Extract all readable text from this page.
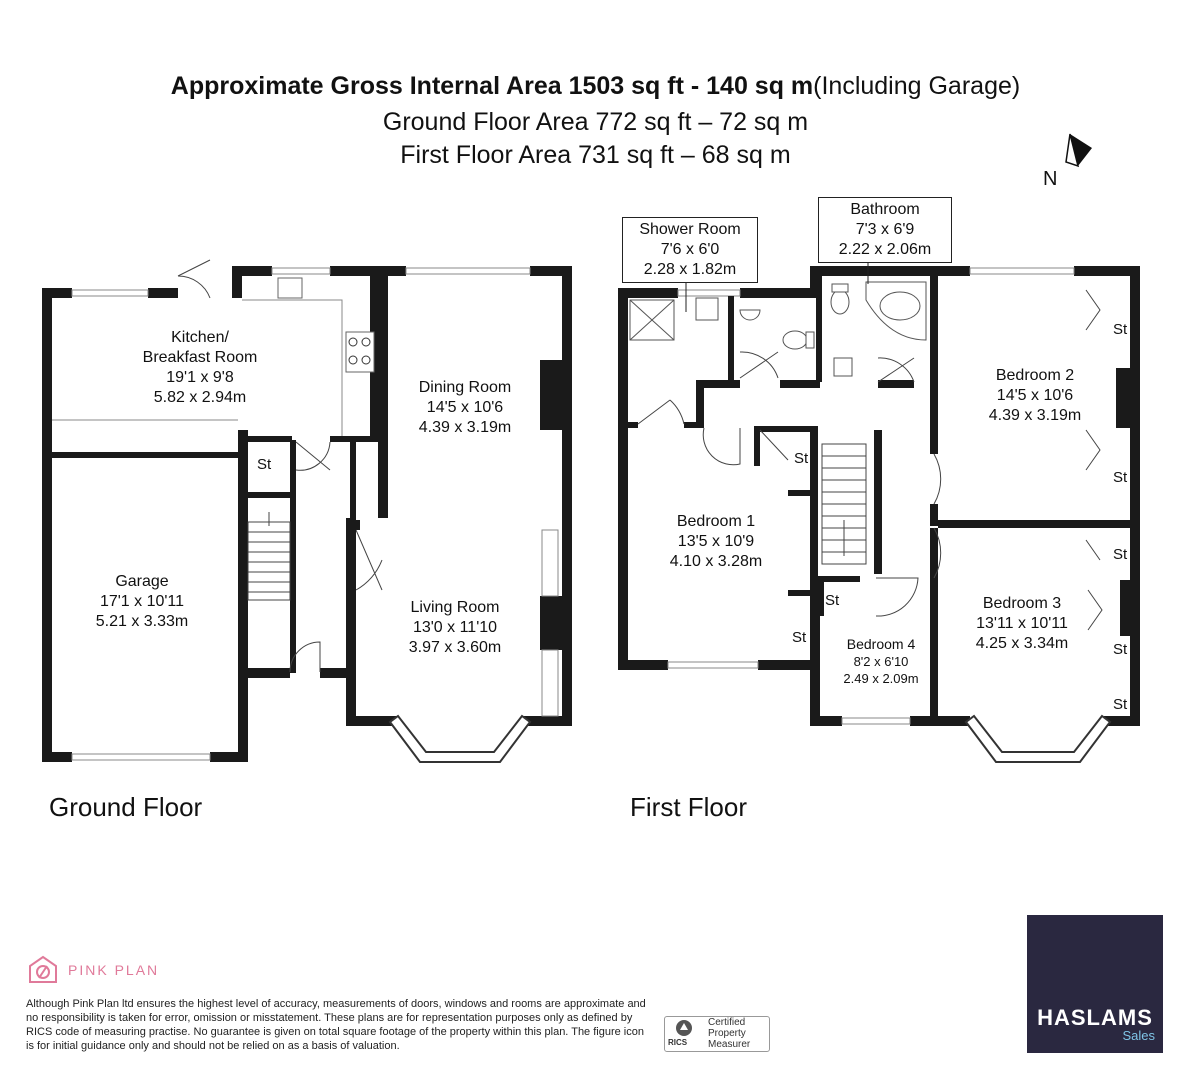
Approximate Gross Internal Area 1503 sq ft - 140 sq m(Including Garage)
Ground Floor Area 772 sq ft – 72 sq m
First Floor Area 731 sq ft – 68 sq m
N
Kitchen/
Breakfast Room
19'1 x 9'8
5.82 x 2.94m
Dining Room
14'5 x 10'6
4.39 x 3.19m
Living Room
13'0 x 11'10
3.97 x 3.60m
Garage
17'1 x 10'11
5.21 x 3.33m
St
Ground Floor
Shower Room
7'6 x 6'0
2.28 x 1.82m
Bathroom
7'3 x 6'9
2.22 x 2.06m
Bedroom 1
13'5 x 10'9
4.10 x 3.28m
Bedroom 2
14'5 x 10'6
4.39 x 3.19m
Bedroom 3
13'11 x 10'11
4.25 x 3.34m
Bedroom 4
8'2 x 6'10
2.49 x 2.09m
St
St
St
St
St
St
St
St
First Floor
PINK PLAN
Although Pink Plan ltd ensures the highest level of accuracy, measurements of doors, windows and rooms are approximate and no responsibility is taken for error, omission or misstatement. These plans are for representation purposes only as defined by RICS code of measuring practise. No guarantee is given on total square footage of the property within this plan. The figure icon is for initial guidance only and should not be relied on as a basis of valuation.	RICS
Certified
Property
Measurer
HASLAMS
Sales
